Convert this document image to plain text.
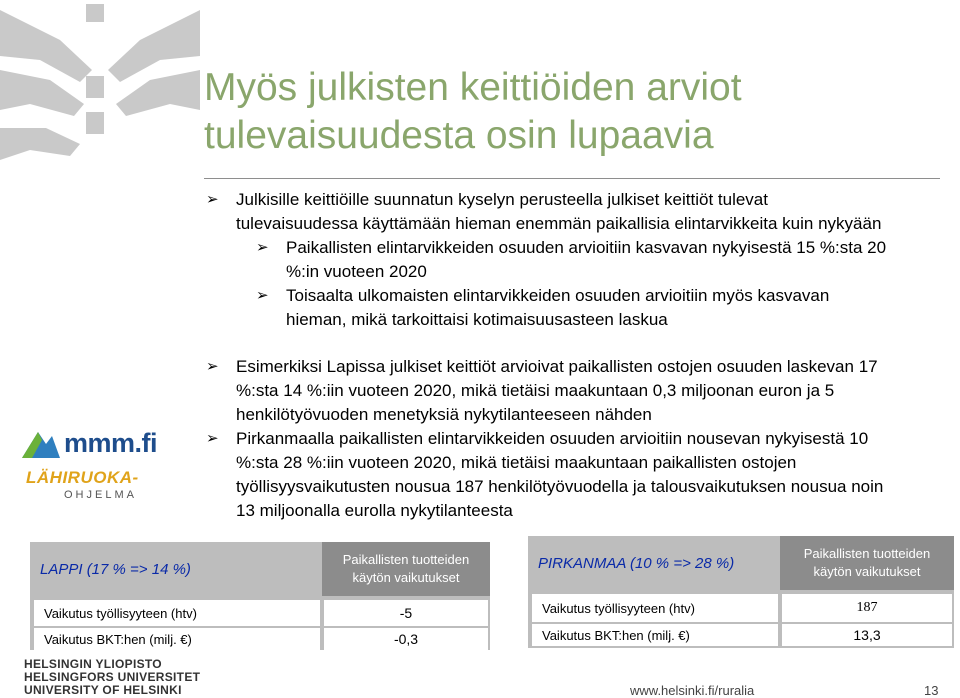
Myös julkisten keittiöiden arviot
tulevaisuudesta osin lupaavia
➢ Julkisille keittiöille suunnatun kyselyn perusteella julkiset keittiöt tulevat
tulevaisuudessa käyttämään hieman enemmän paikallisia elintarvikkeita kuin nykyään
➢ Paikallisten elintarvikkeiden osuuden arvioitiin kasvavan nykyisestä 15 %:sta 20
%:in vuoteen 2020
➢ Toisaalta ulkomaisten elintarvikkeiden osuuden arvioitiin myös kasvavan
hieman, mikä tarkoittaisi kotimaisuusasteen laskua
➢ Esimerkiksi Lapissa julkiset keittiöt arvioivat paikallisten ostojen osuuden laskevan 17
%:sta 14 %:iin vuoteen 2020, mikä tietäisi maakuntaan 0,3 miljoonan euron ja 5
henkilötyövuoden menetyksiä nykytilanteeseen nähden
➢ Pirkanmaalla paikallisten elintarvikkeiden osuuden arvioitiin nousevan nykyisestä 10
%:sta 28 %:iin vuoteen 2020, mikä tietäisi maakuntaan paikallisten ostojen
työllisyysvaikutusten nousua 187 henkilötyövuodella ja talousvaikutuksen nousua noin
13 miljoonalla eurolla nykytilanteesta
mmm.fi
LÄHIRUOKA-
OHJELMA
LAPPI (17 % => 14 %)
Paikallisten tuotteiden käytön vaikutukset
Vaikutus työllisyyteen (htv)	-5
Vaikutus BKT:hen (milj. €)	-0,3
PIRKANMAA (10 % => 28 %)
Paikallisten tuotteiden käytön vaikutukset
Vaikutus työllisyyteen (htv)	187
Vaikutus BKT:hen (milj. €)	13,3
HELSINGIN YLIOPISTO
HELSINGFORS UNIVERSITET
UNIVERSITY OF HELSINKI	www.helsinki.fi/ruralia	13
